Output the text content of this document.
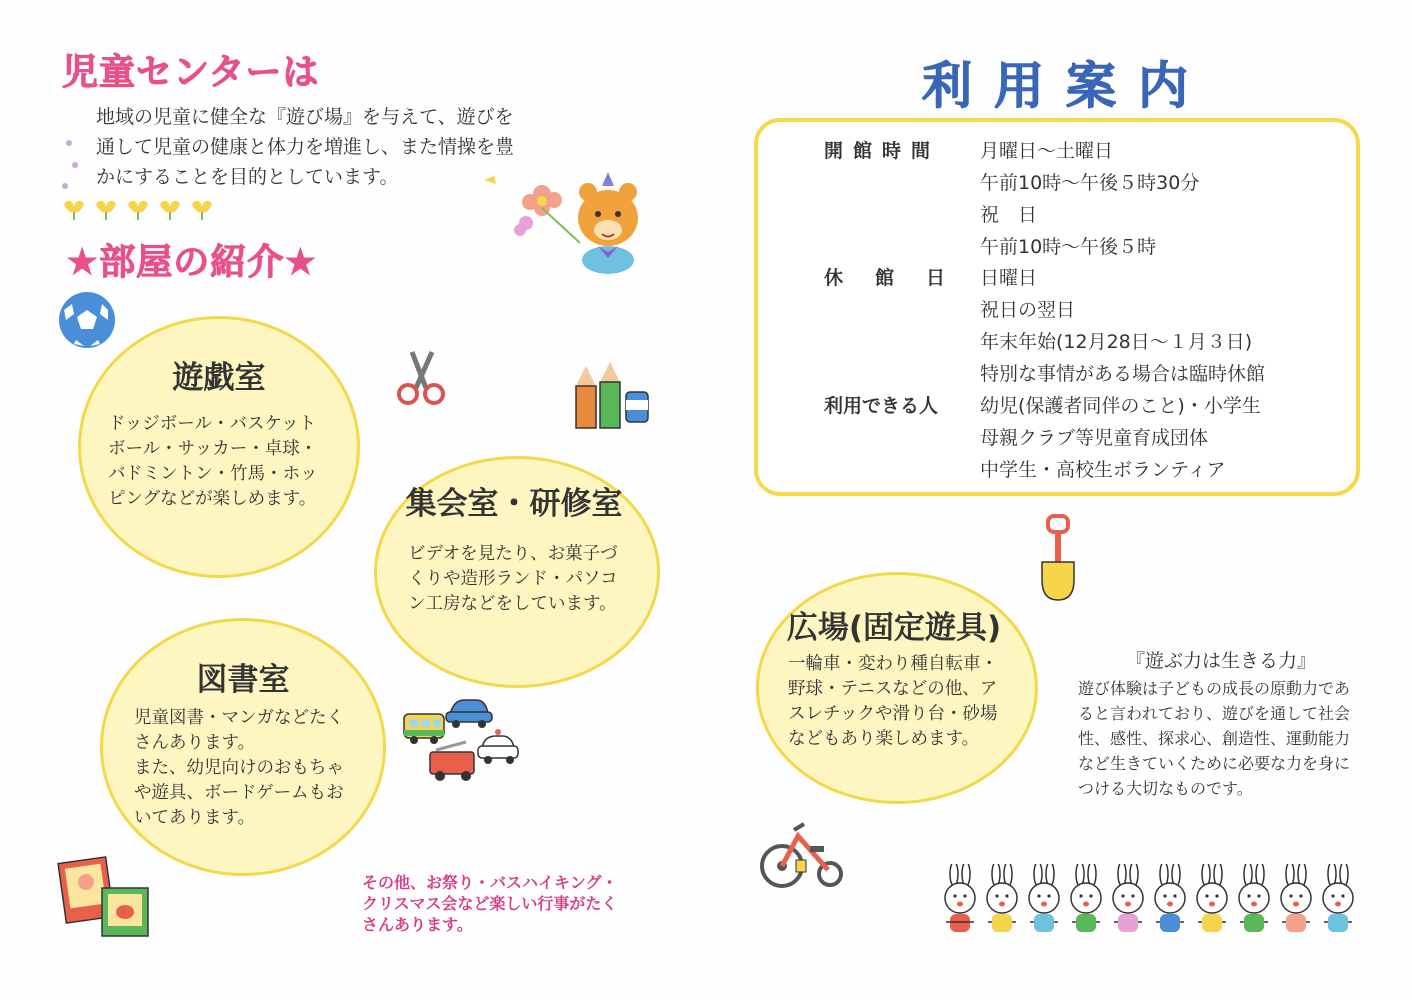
児童センターは
地域の児童に健全な『遊び場』を与えて、遊びを
通して児童の健康と体力を増進し、また情操を豊
かにすることを目的としています。
★部屋の紹介★
遊戯室
ドッジボール・バスケット
ボール・サッカー・卓球・
バドミントン・竹馬・ホッ
ピングなどが楽しめます。	集会室・研修室
ビデオを見たり、お菓子づ
くりや造形ランド・パソコ
ン工房などをしています。
図書室
児童図書・マンガなどたく
さんあります。
また、幼児向けのおもちゃ
や遊具、ボードゲームもお
いてあります。
その他、お祭り・バスハイキング・
クリスマス会など楽しい行事がたく
さんあります。
利用案内
開館時間
休館日
利用できる人
月曜日～土曜日
午前10時～午後５時30分
祝　日
午前10時～午後５時
日曜日
祝日の翌日
年末年始(12月28日～１月３日)
特別な事情がある場合は臨時休館
幼児(保護者同伴のこと)・小学生
母親クラブ等児童育成団体
中学生・高校生ボランティア
広場(固定遊具)
一輪車・変わり種自転車・
野球・テニスなどの他、ア
スレチックや滑り台・砂場
などもあり楽しめます。
『遊ぶ力は生きる力』
遊び体験は子どもの成長の原動力であ
ると言われており、遊びを通して社会
性、感性、探求心、創造性、運動能力
など生きていくために必要な力を身に
つける大切なものです。
